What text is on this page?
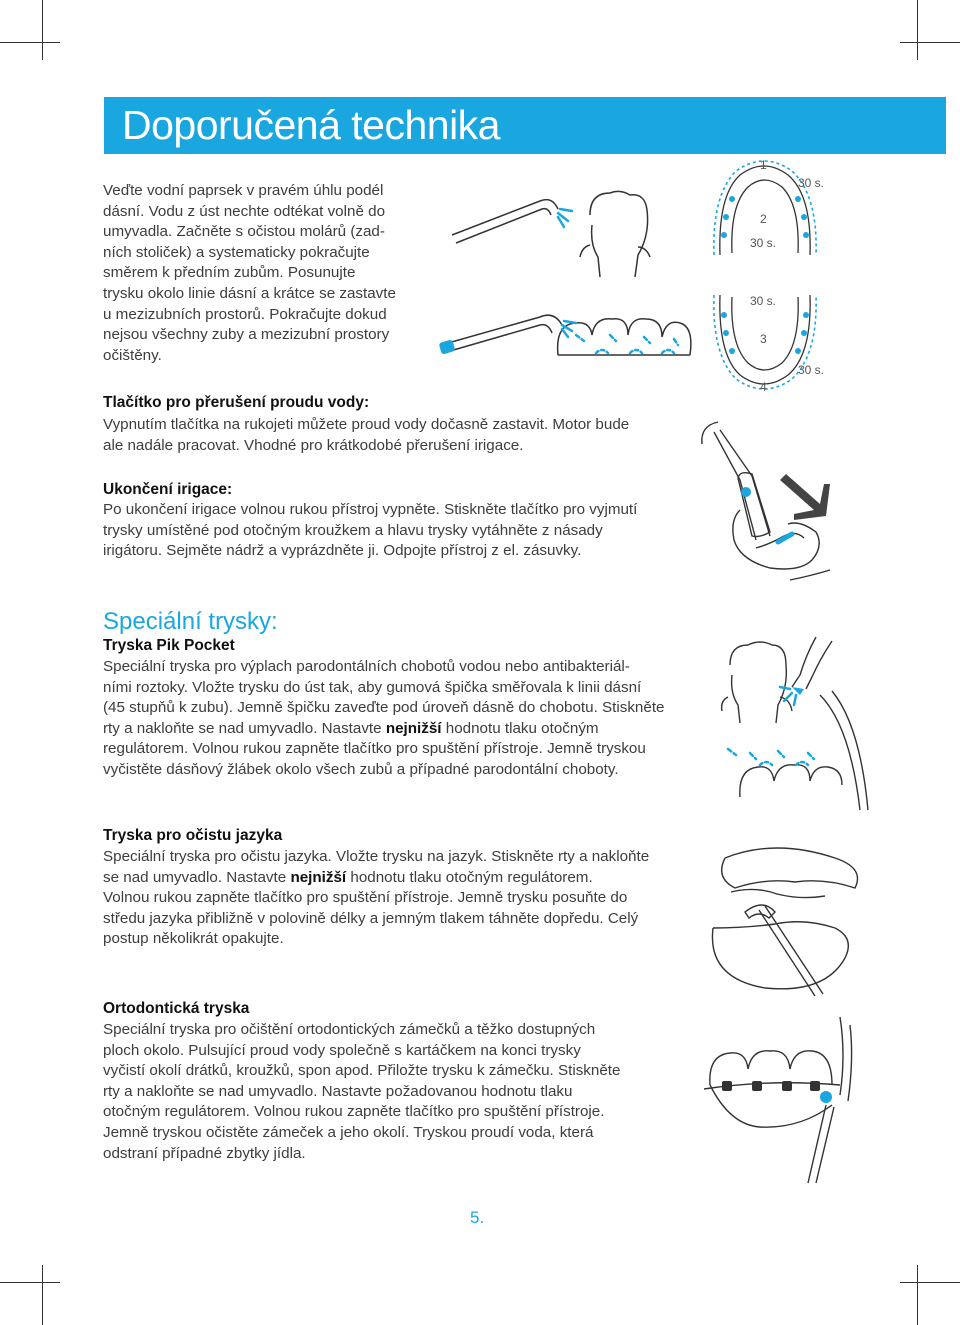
Doporučená technika

Veďte vodní paprsek v pravém úhlu podél

dásní. Vodu z úst nechte odtékat volně do

umyvadla. Začněte s očistou molárů (zad-

ních stoliček) a systematicky pokračujte

směrem k předním zubům. Posunujte

trysku okolo linie dásní a krátce se zastavte

u mezizubních prostorů. Pokračujte dokud

nejsou všechny zuby a mezizubní prostory

očištěny.

1
2
30 s.
30 s.
30 s.
3
30 s.
4
Tlačítko pro přerušení proudu vody:

Vypnutím tlačítka na rukojeti můžete proud vody dočasně zastavit. Motor bude

ale nadále pracovat. Vhodné pro krátkodobé přerušení irigace.

Ukončení irigace:

Po ukončení irigace volnou rukou přístroj vypněte. Stiskněte tlačítko pro vyjmutí

trysky umístěné pod otočným kroužkem a hlavu trysky vytáhněte z násady

irigátoru. Sejměte nádrž a vyprázdněte ji. Odpojte přístroj z el. zásuvky.

Speciální trysky:
Tryska Pik Pocket

Speciální tryska pro výplach parodontálních chobotů vodou nebo antibakteriál-

ními roztoky. Vložte trysku do úst tak, aby gumová špička směřovala k linii dásní

(45 stupňů k zubu). Jemně špičku zaveďte pod úroveň dásně do chobotu. Stiskněte

rty a nakloňte se nad umyvadlo. Nastavte nejnižší hodnotu tlaku otočným

regulátorem. Volnou rukou zapněte tlačítko pro spuštění přístroje. Jemně tryskou

vyčistěte dásňový žlábek okolo všech zubů a případné parodontální choboty.

Tryska pro očistu jazyka

Speciální tryska pro očistu jazyka. Vložte trysku na jazyk. Stiskněte rty a nakloňte

se nad umyvadlo. Nastavte nejnižší hodnotu tlaku otočným regulátorem.

Volnou rukou zapněte tlačítko pro spuštění přístroje. Jemně trysku posuňte do

středu jazyka přibližně v polovině délky a jemným tlakem táhněte dopředu. Celý

postup několikrát opakujte.

Ortodontická tryska

Speciální tryska pro očištění ortodontických zámečků a těžko dostupných

ploch okolo. Pulsující proud vody společně s kartáčkem na konci trysky

vyčistí okolí drátků, kroužků, spon apod. Přiložte trysku k zámečku. Stiskněte

rty a nakloňte se nad umyvadlo. Nastavte požadovanou hodnotu tlaku

otočným regulátorem. Volnou rukou zapněte tlačítko pro spuštění přístroje.

Jemně tryskou očistěte zámeček a jeho okolí. Tryskou proudí voda, která

odstraní případné zbytky jídla.

5.
